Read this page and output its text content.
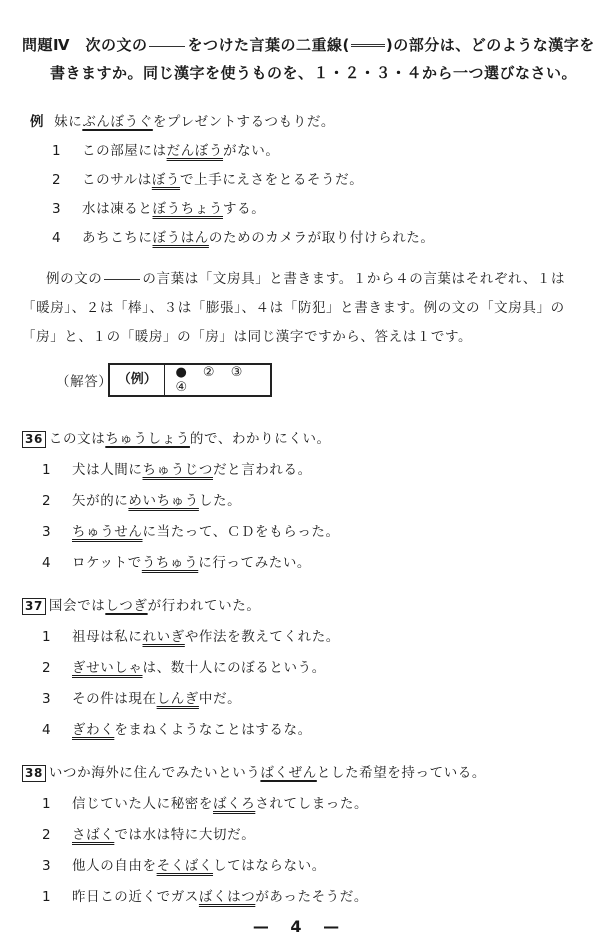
問題Ⅳ　次の文の	をつけた言葉の二重線( )の部分は、どのような漢字を
書きますか。同じ漢字を使うものを、１・２・３・４から一つ選びなさい。
例 妹にぶんぼうぐをプレゼントするつもりだ。
1 この部屋にはだんぼうがない。
2 このサルはぼうで上手にえさをとるそうだ。
3 水は凍るとぼうちょうする。
4 あちこちにぼうはんのためのカメラが取り付けられた。
例の文の	の言葉は「文房具」と書きます。１から４の言葉はそれぞれ、１は
「暖房」、２は「棒」、３は「膨張」、４は「防犯」と書きます。例の文の「文房具」の
「房」と、１の「暖房」の「房」は同じ漢字ですから、答えは１です。
（解答） （例）	● ② ③ ④
36 この文はちゅうしょう的で、わかりにくい。
1 犬は人間にちゅうじつだと言われる。
2 矢が的にめいちゅうした。
3 ちゅうせんに当たって、ＣＤをもらった。
4 ロケットでうちゅうに行ってみたい。
37 国会ではしつぎが行われていた。
1 祖母は私にれいぎや作法を教えてくれた。
2 ぎせいしゃは、数十人にのぼるという。
3 その件は現在しんぎ中だ。
4 ぎわくをまねくようなことはするな。
38 いつか海外に住んでみたいというばくぜんとした希望を持っている。
1 信じていた人に秘密をばくろされてしまった。
2 さばくでは水は特に大切だ。
3 他人の自由をそくばくしてはならない。
1 昨日この近くでガスばくはつがあったそうだ。
— 4 —
